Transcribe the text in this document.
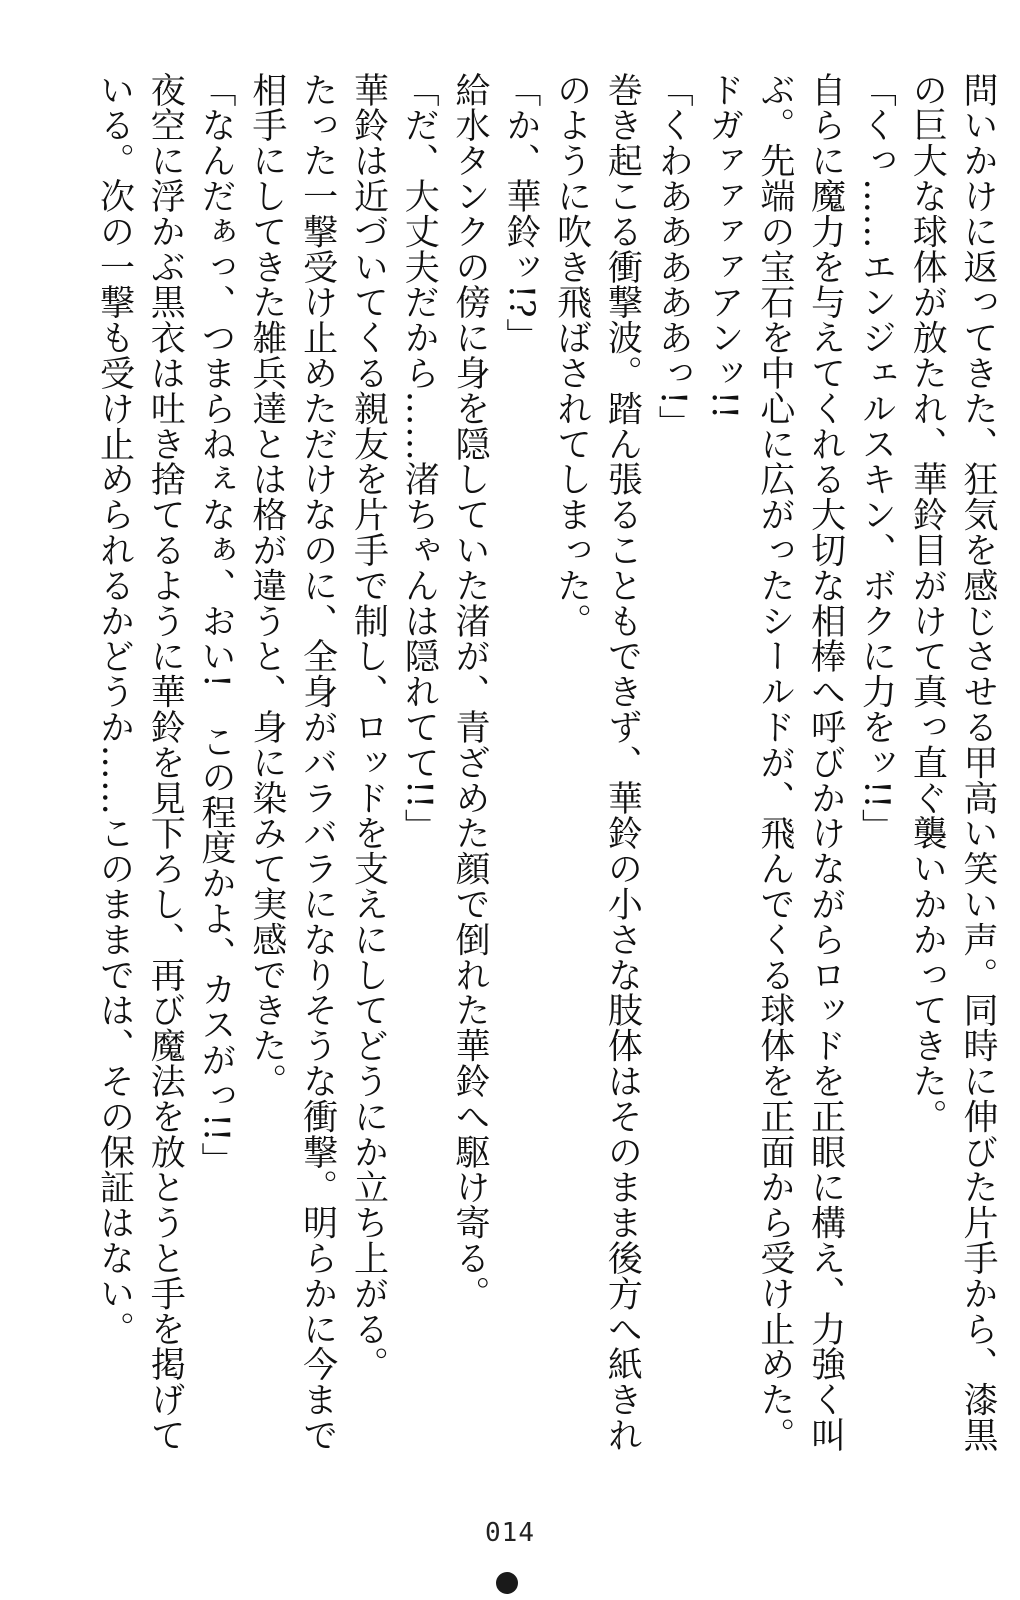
問いかけに返ってきた、狂気を感じさせる甲高い笑い声。同時に伸びた片手から、漆黒

の巨大な球体が放たれ、華鈴目がけて真っ直ぐ襲いかかってきた。

「くっ……エンジェルスキン、ボクに力をッ!!」

自らに魔力を与えてくれる大切な相棒へ呼びかけながらロッドを正眼に構え、力強く叫

ぶ。先端の宝石を中心に広がったシールドが、飛んでくる球体を正面から受け止めた。

ドガァァァァアンッ!!

「くわあああああっ!」

巻き起こる衝撃波。踏ん張ることもできず、華鈴の小さな肢体はそのまま後方へ紙きれ

のように吹き飛ばされてしまった。

「か、華鈴ッ!?」

給水タンクの傍に身を隠していた渚が、青ざめた顔で倒れた華鈴へ駆け寄る。

「だ、大丈夫だから……渚ちゃんは隠れてて!!」

華鈴は近づいてくる親友を片手で制し、ロッドを支えにしてどうにか立ち上がる。

たった一撃受け止めただけなのに、全身がバラバラになりそうな衝撃。明らかに今まで

相手にしてきた雑兵達とは格が違うと、身に染みて実感できた。

「なんだぁっ、つまらねぇなぁ、おい!　この程度かよ、カスがっ!!」

夜空に浮かぶ黒衣は吐き捨てるように華鈴を見下ろし、再び魔法を放とうと手を掲げて

いる。次の一撃も受け止められるかどうか……このままでは、その保証はない。

014
